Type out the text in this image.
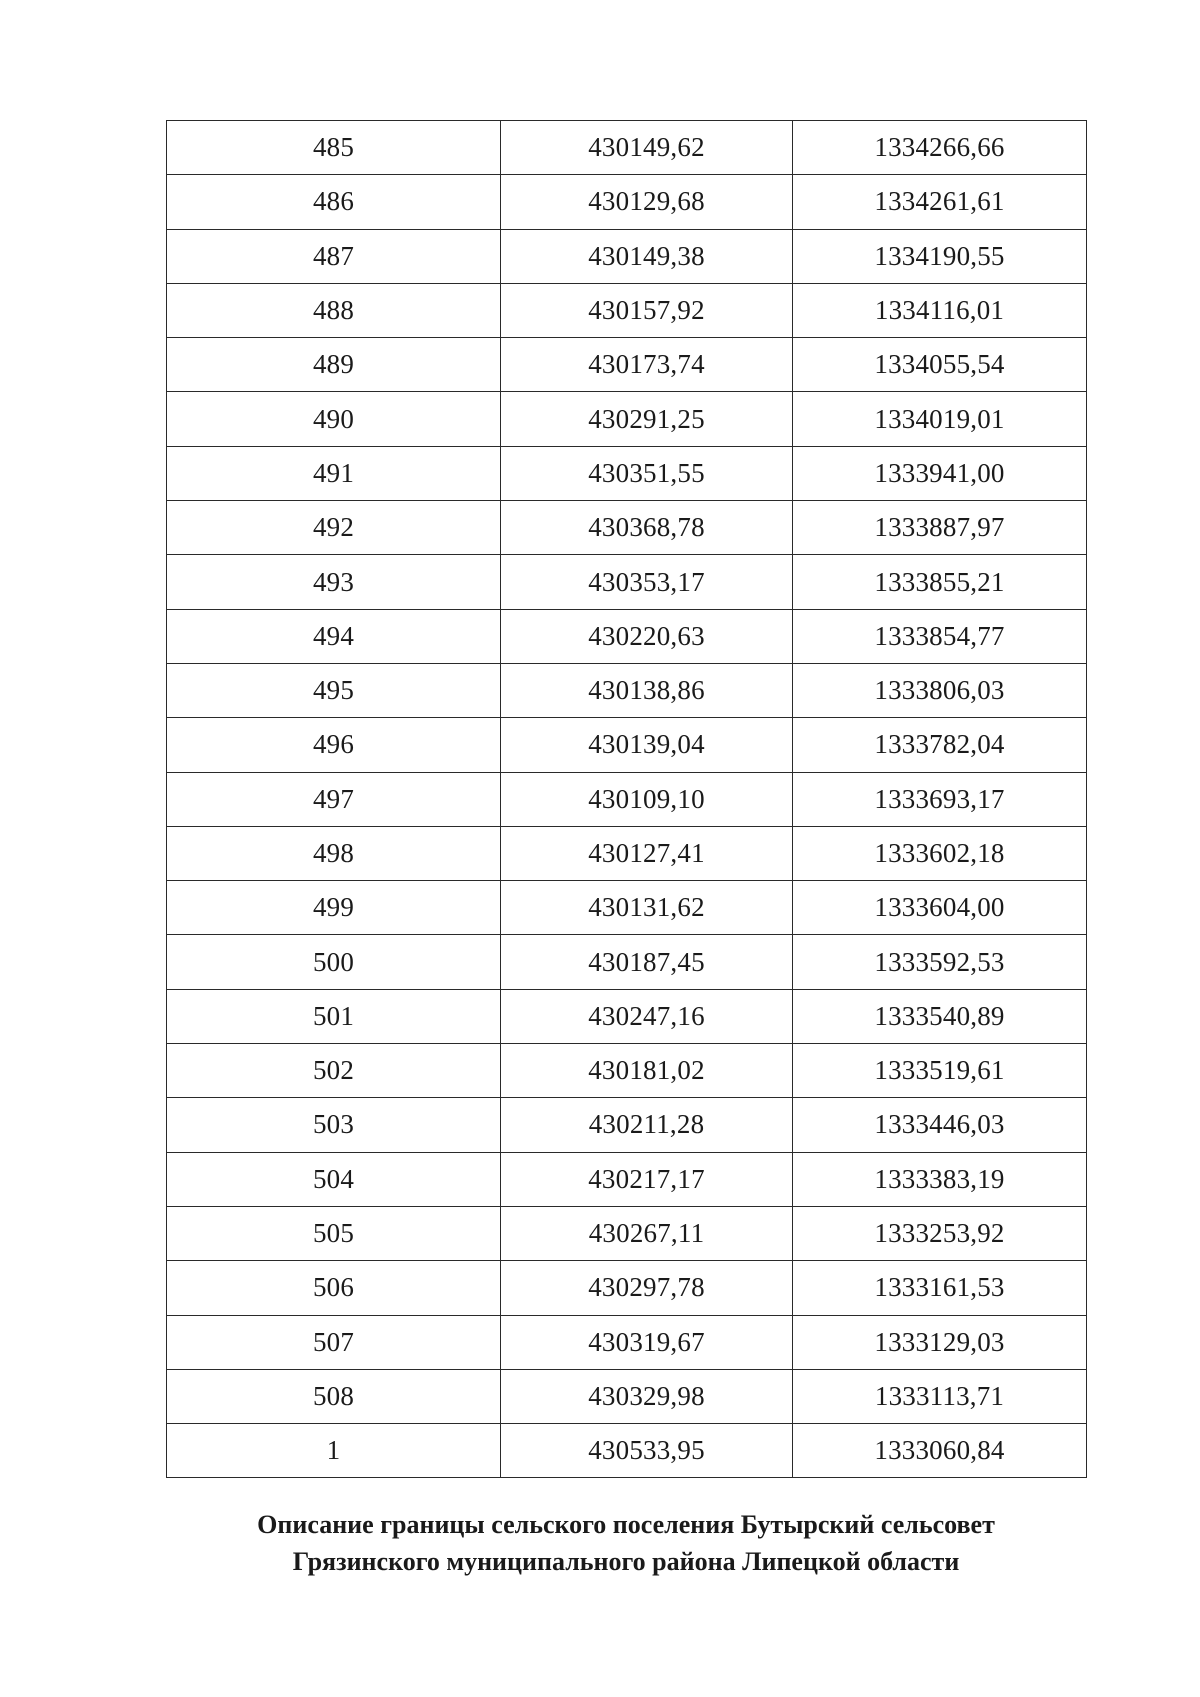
485	430149,62	1334266,66
486	430129,68	1334261,61
487	430149,38	1334190,55
488	430157,92	1334116,01
489	430173,74	1334055,54
490	430291,25	1334019,01
491	430351,55	1333941,00
492	430368,78	1333887,97
493	430353,17	1333855,21
494	430220,63	1333854,77
495	430138,86	1333806,03
496	430139,04	1333782,04
497	430109,10	1333693,17
498	430127,41	1333602,18
499	430131,62	1333604,00
500	430187,45	1333592,53
501	430247,16	1333540,89
502	430181,02	1333519,61
503	430211,28	1333446,03
504	430217,17	1333383,19
505	430267,11	1333253,92
506	430297,78	1333161,53
507	430319,67	1333129,03
508	430329,98	1333113,71
1	430533,95	1333060,84
Описание границы сельского поселения Бутырский сельсовет
Грязинского муниципального района Липецкой области
